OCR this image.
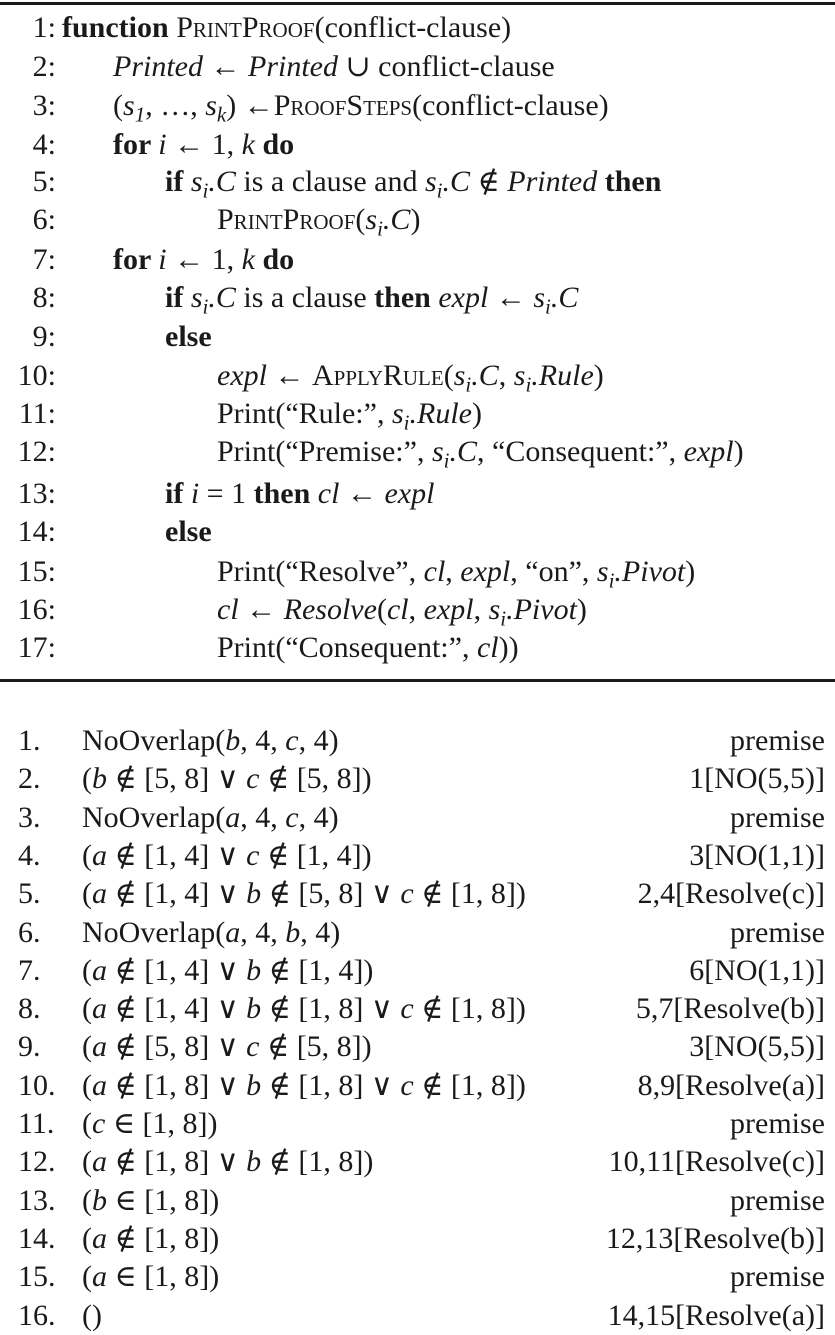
1: function PrintProof(conflict-clause)
2: Printed ← Printed ∪ conflict-clause
3: ($s_1$, …, $s_k$) ←ProofSteps(conflict-clause)
4: for i ← 1, k do
5:	if $s_i.C$ is a clause and $s_i.C$ ∉ Printed then
6:	$PrintProof(s_i.C)$
7: for i ← 1, k do
8:	if $s_i.C$ is a clause then expl ← $s_i.C$
9:	else
10:	expl ← $ApplyRule(s_i.C$, $s_i.Rule$)
11:	Print(“Rule:”, $s_i.Rule$)
12:	Print(“Premise:”, $s_i.C$, “Consequent:”, expl)
13:	if i = 1 then cl ← expl
14:	else
15:	Print(“Resolve”, cl, expl, “on”, $s_i.Pivot$)
16:	cl ← Resolve(cl, expl, $s_i.Pivot$)
17:	Print(“Consequent:”, cl))
1. NoOverlap(b, 4, c, 4)	premise
2. (b ∉ [5, 8] ∨ c ∉ [5, 8])	1[NO(5,5)]
3. NoOverlap(a, 4, c, 4)	premise
4. (a ∉ [1, 4] ∨ c ∉ [1, 4])	3[NO(1,1)]
5. (a ∉ [1, 4] ∨ b ∉ [5, 8] ∨ c ∉ [1, 8])	2,4[Resolve(c)]
6. NoOverlap(a, 4, b, 4)	premise
7. (a ∉ [1, 4] ∨ b ∉ [1, 4])	6[NO(1,1)]
8. (a ∉ [1, 4] ∨ b ∉ [1, 8] ∨ c ∉ [1, 8])	5,7[Resolve(b)]
9. (a ∉ [5, 8] ∨ c ∉ [5, 8])	3[NO(5,5)]
10. (a ∉ [1, 8] ∨ b ∉ [1, 8] ∨ c ∉ [1, 8])	8,9[Resolve(a)]
11. (c ∈ [1, 8])	premise
12. (a ∉ [1, 8] ∨ b ∉ [1, 8])	10,11[Resolve(c)]
13. (b ∈ [1, 8])	premise
14. (a ∉ [1, 8])	12,13[Resolve(b)]
15. (a ∈ [1, 8])	premise
16. ()	14,15[Resolve(a)]
